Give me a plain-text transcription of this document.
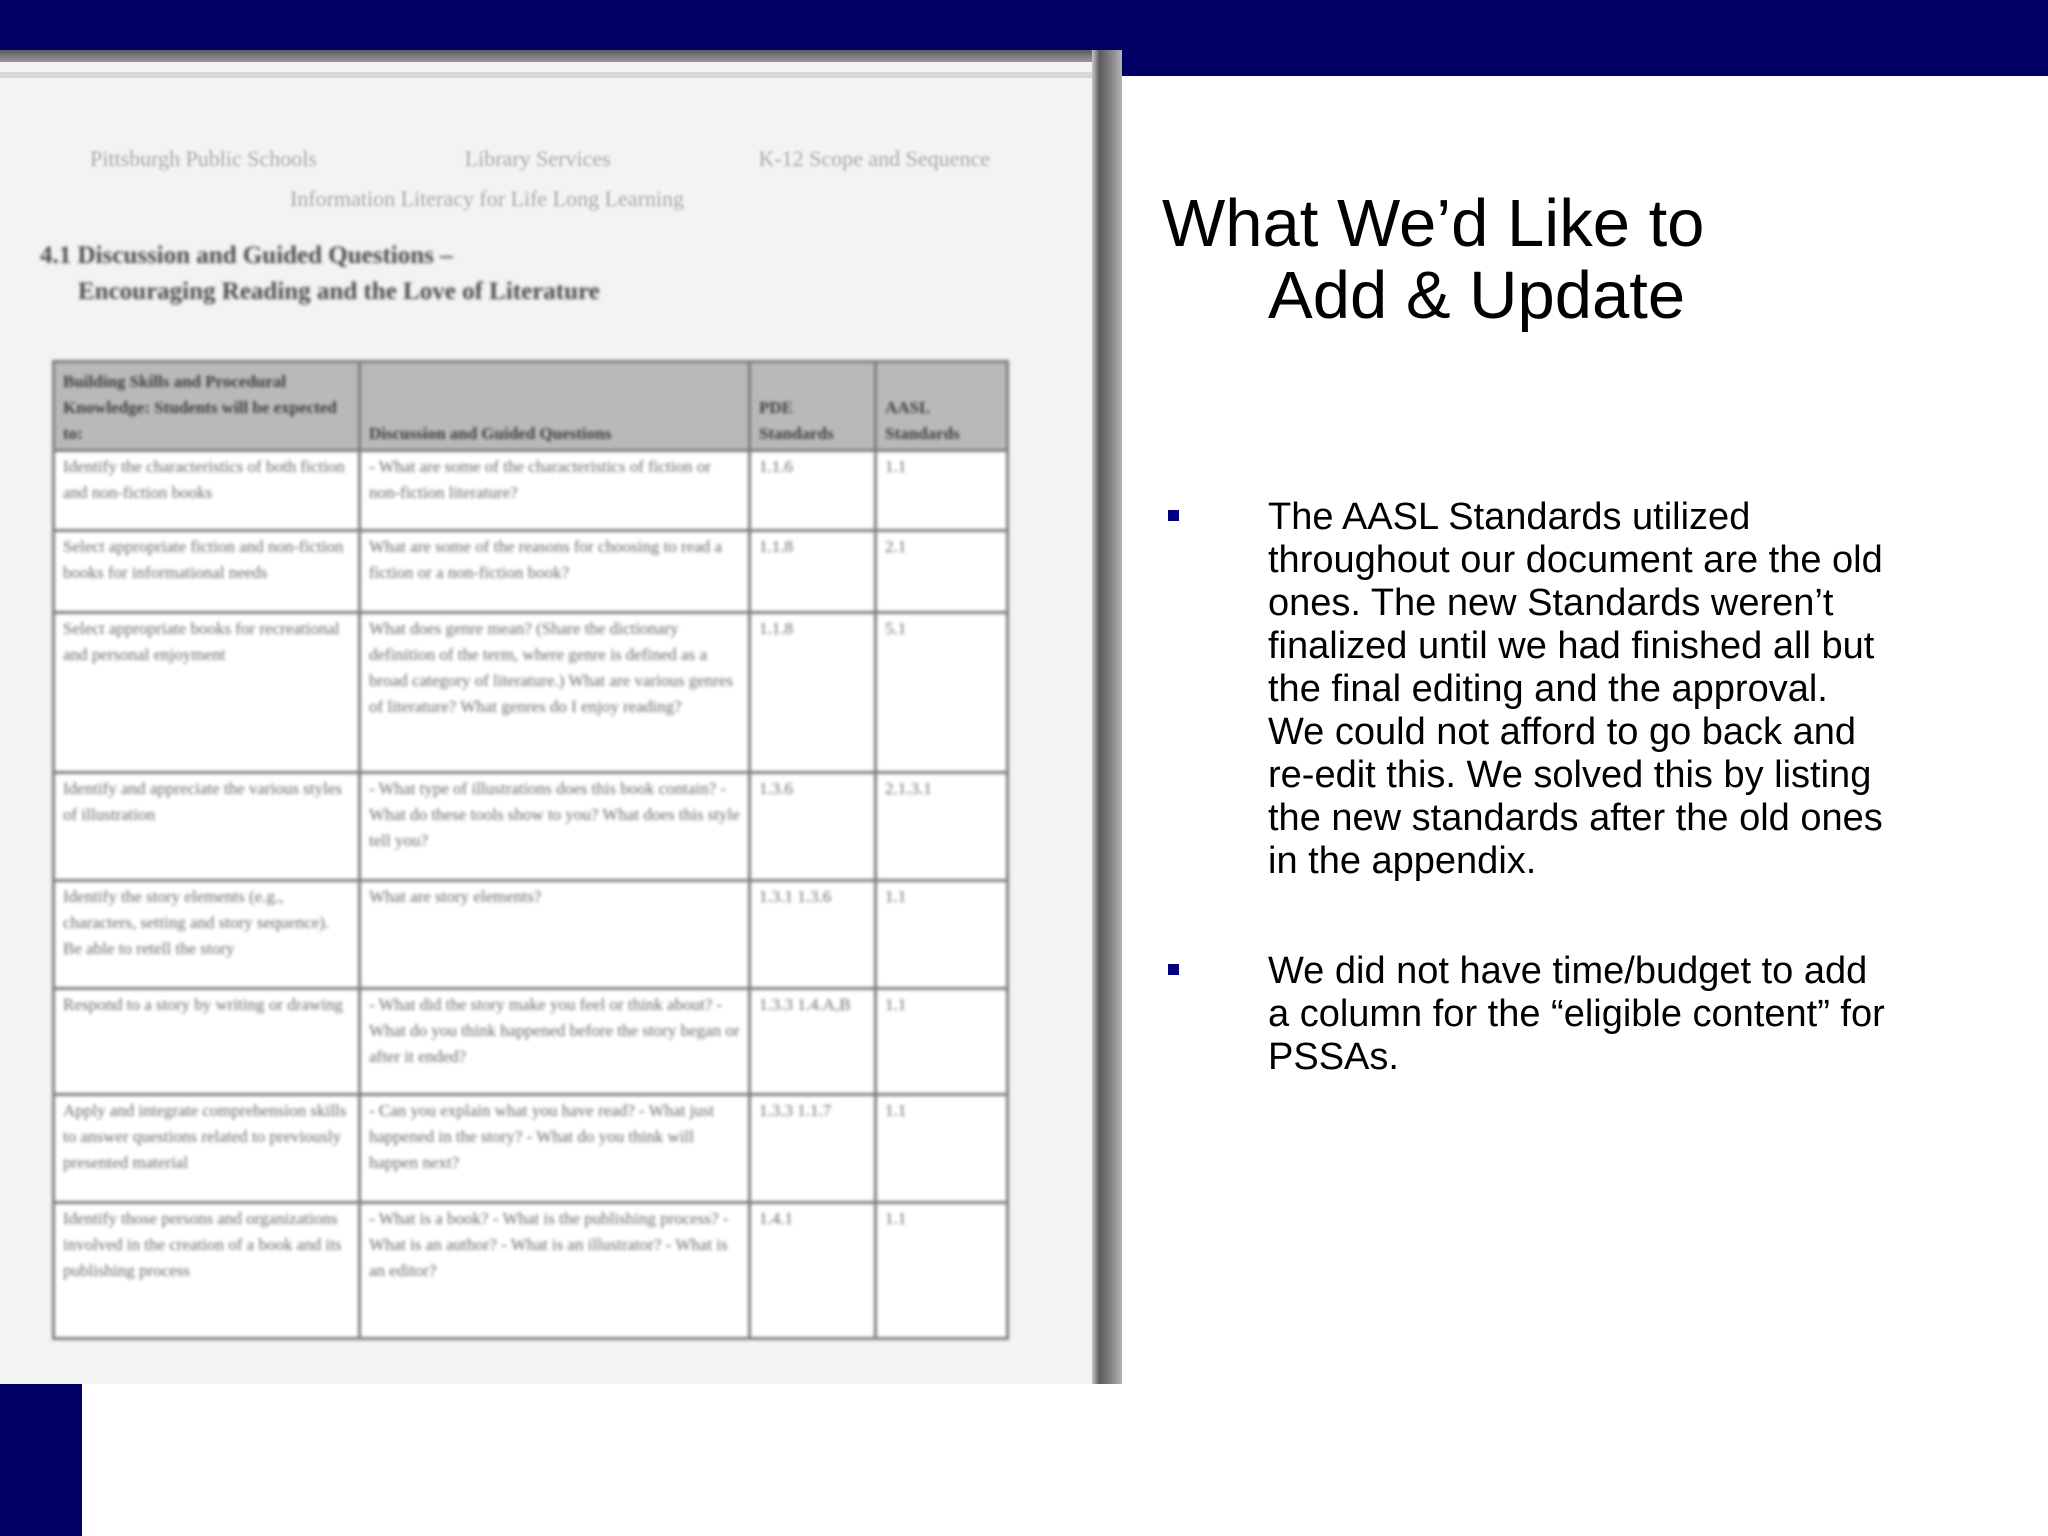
Pittsburgh Public Schools	Library Services	K-12 Scope and Sequence
Information Literacy for Life Long Learning
4.1 Discussion and Guided Questions –
Encouraging Reading and the Love of Literature
Building Skills and Procedural Knowledge: Students will be expected to:	Discussion and Guided Questions	PDE Standards	AASL Standards
Identify the characteristics of both fiction and non-fiction books	- What are some of the characteristics of fiction or non-fiction literature?	1.1.6	1.1
Select appropriate fiction and non-fiction books for informational needs	What are some of the reasons for choosing to read a fiction or a non-fiction book?	1.1.8	2.1
Select appropriate books for recreational and personal enjoyment	What does genre mean? (Share the dictionary definition of the term, where genre is defined as a broad category of literature.) What are various genres of literature? What genres do I enjoy reading?	1.1.8	5.1
Identify and appreciate the various styles of illustration	- What type of illustrations does this book contain? - What do these tools show to you? What does this style tell you?	1.3.6	2.1.3.1
Identify the story elements (e.g., characters, setting and story sequence). Be able to retell the story	What are story elements?	1.3.1 1.3.6	1.1
Respond to a story by writing or drawing	- What did the story make you feel or think about? - What do you think happened before the story began or after it ended?	1.3.3 1.4.A,B	1.1
Apply and integrate comprehension skills to answer questions related to previously presented material	- Can you explain what you have read? - What just happened in the story? - What do you think will happen next?	1.3.3 1.1.7	1.1
Identify those persons and organizations involved in the creation of a book and its publishing process	- What is a book? - What is the publishing process? - What is an author? - What is an illustrator? - What is an editor?	1.4.1	1.1
What We’d Like to
Add & Update
The AASL Standards utilized
throughout our document are the old
ones. The new Standards weren’t
finalized until we had finished all but
the final editing and the approval.
We could not afford to go back and
re-edit this. We solved this by listing
the new standards after the old ones
in the appendix.
We did not have time/budget to add
a column for the “eligible content” for
PSSAs.
